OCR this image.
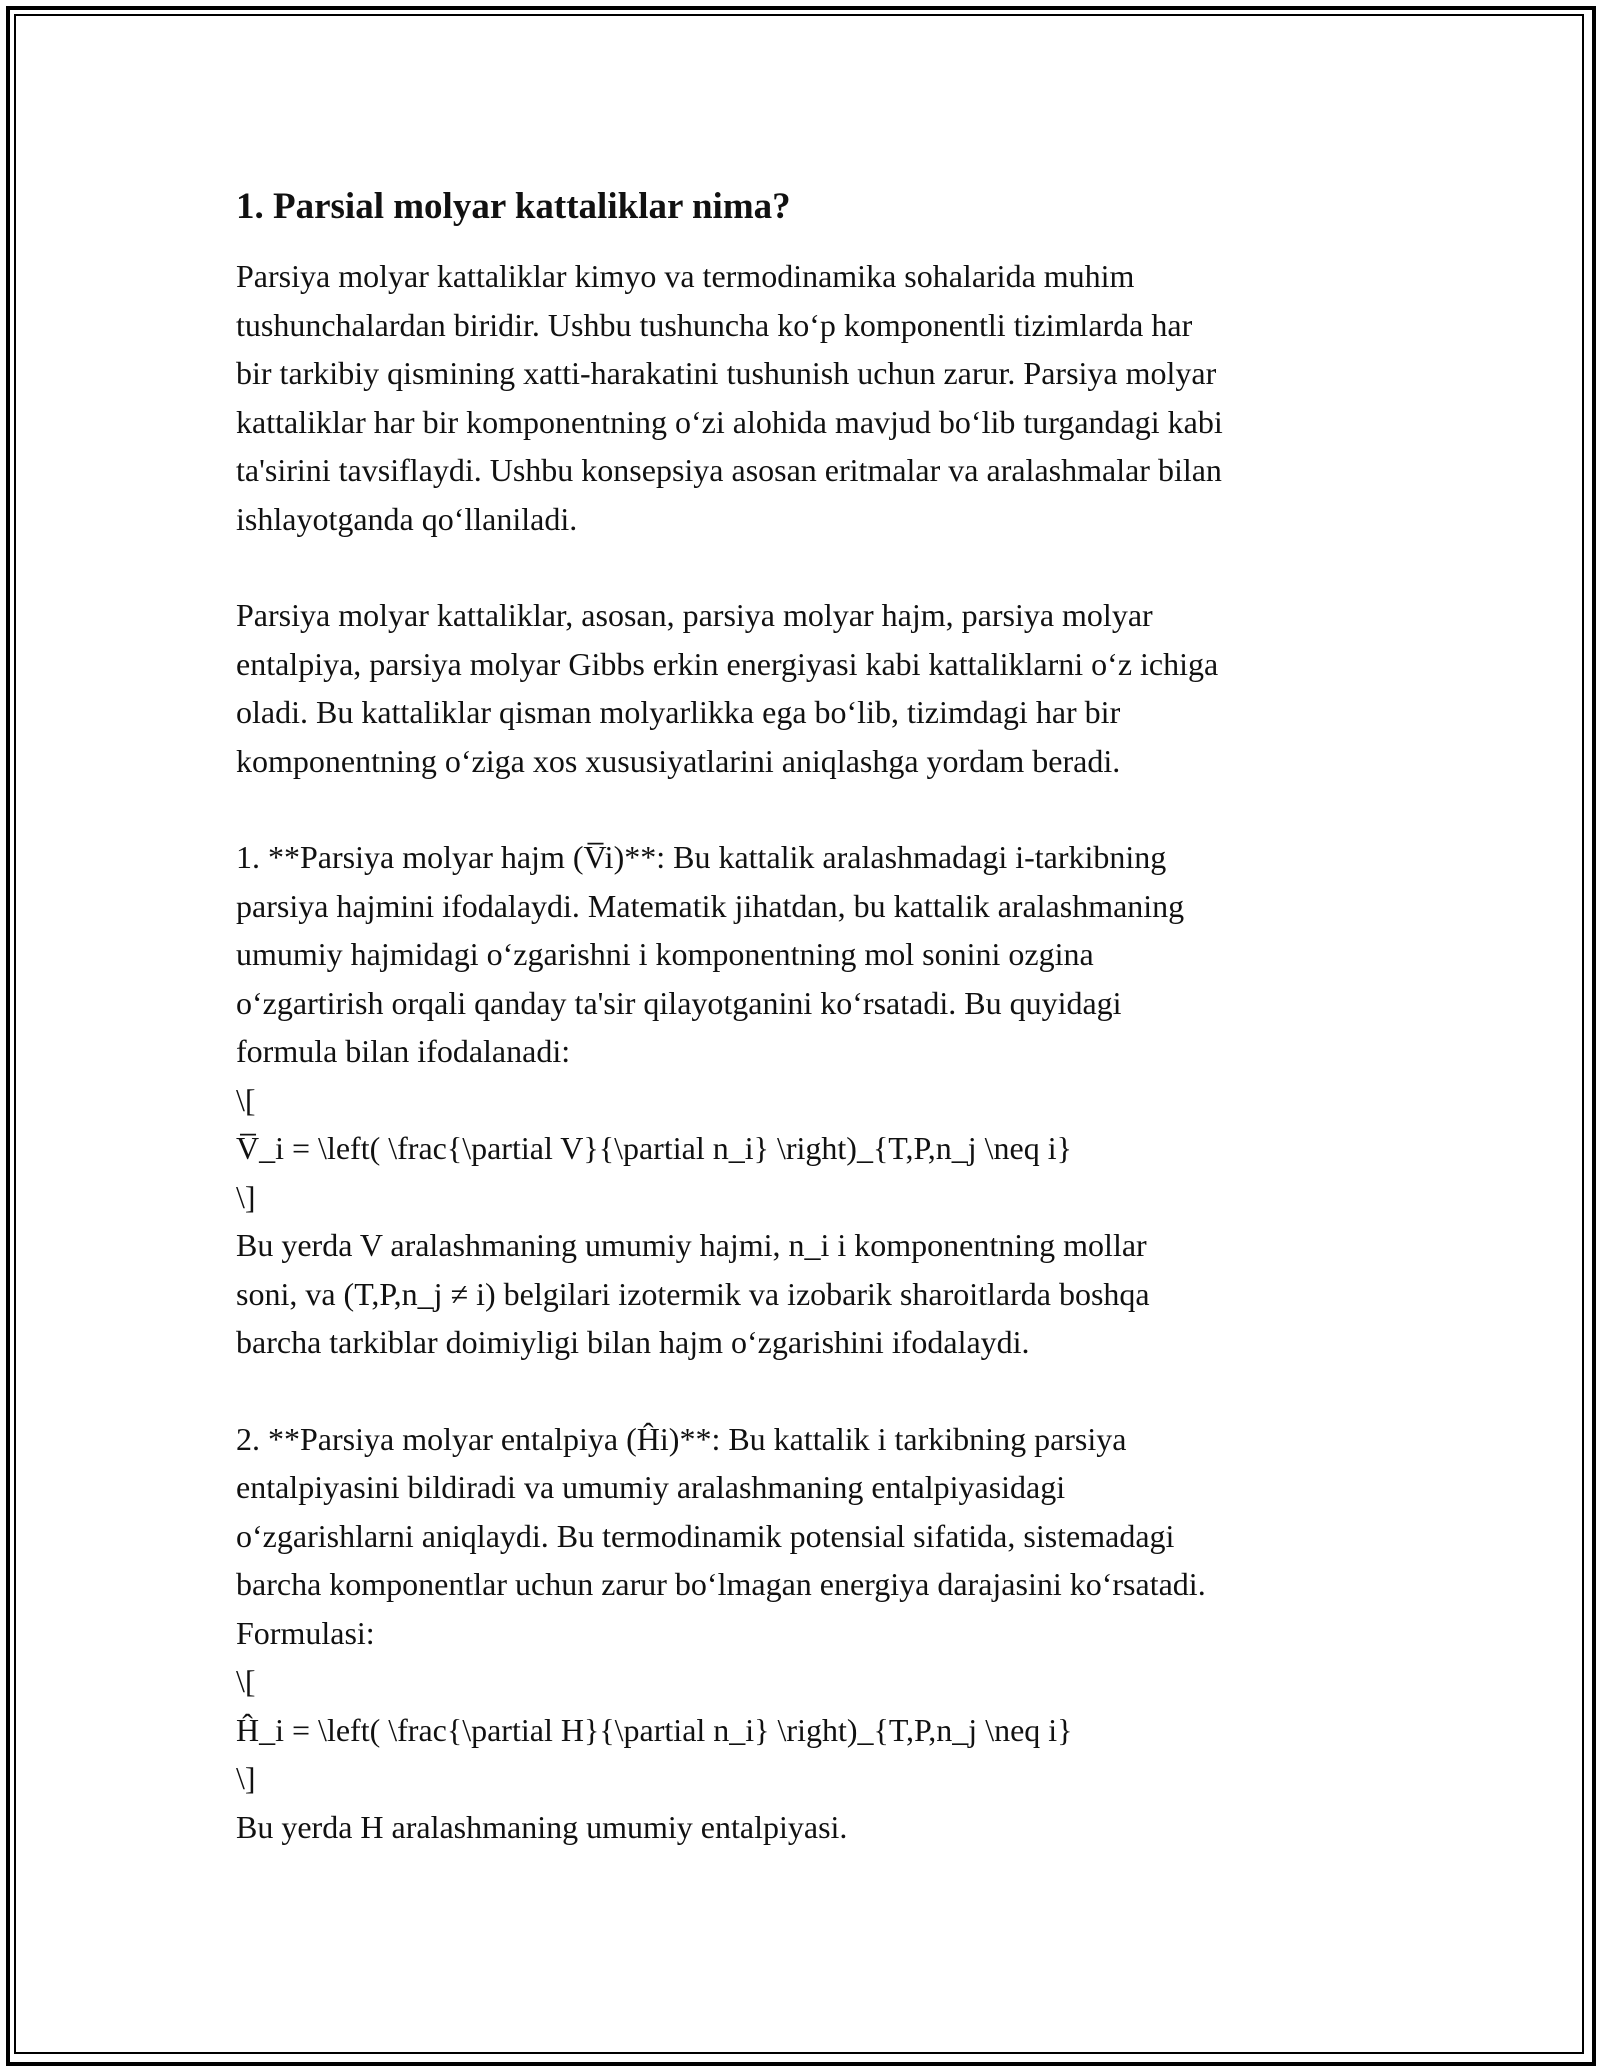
1. Parsial molyar kattaliklar nima?

Parsiya molyar kattaliklar kimyo va termodinamika sohalarida muhim
tushunchalardan biridir. Ushbu tushuncha ko‘p komponentli tizimlarda har
bir tarkibiy qismining xatti-harakatini tushunish uchun zarur. Parsiya molyar
kattaliklar har bir komponentning o‘zi alohida mavjud bo‘lib turgandagi kabi
ta'sirini tavsiflaydi. Ushbu konsepsiya asosan eritmalar va aralashmalar bilan
ishlayotganda qo‘llaniladi.

Parsiya molyar kattaliklar, asosan, parsiya molyar hajm, parsiya molyar
entalpiya, parsiya molyar Gibbs erkin energiyasi kabi kattaliklarni o‘z ichiga
oladi. Bu kattaliklar qisman molyarlikka ega bo‘lib, tizimdagi har bir
komponentning o‘ziga xos xususiyatlarini aniqlashga yordam beradi.

1. **Parsiya molyar hajm (V̅i)**: Bu kattalik aralashmadagi i-tarkibning
parsiya hajmini ifodalaydi. Matematik jihatdan, bu kattalik aralashmaning
umumiy hajmidagi o‘zgarishni i komponentning mol sonini ozgina
o‘zgartirish orqali qanday ta'sir qilayotganini ko‘rsatadi. Bu quyidagi
formula bilan ifodalanadi:
\[
V̅_i = \left( \frac{\partial V}{\partial n_i} \right)_{T,P,n_j \neq i}
\]
Bu yerda V aralashmaning umumiy hajmi, n_i i komponentning mollar
soni, va (T,P,n_j ≠ i) belgilari izotermik va izobarik sharoitlarda boshqa
barcha tarkiblar doimiyligi bilan hajm o‘zgarishini ifodalaydi.

2. **Parsiya molyar entalpiya (Ĥi)**: Bu kattalik i tarkibning parsiya
entalpiyasini bildiradi va umumiy aralashmaning entalpiyasidagi
o‘zgarishlarni aniqlaydi. Bu termodinamik potensial sifatida, sistemadagi
barcha komponentlar uchun zarur bo‘lmagan energiya darajasini ko‘rsatadi.
Formulasi:
\[
Ĥ_i = \left( \frac{\partial H}{\partial n_i} \right)_{T,P,n_j \neq i}
\]
Bu yerda H aralashmaning umumiy entalpiyasi.
